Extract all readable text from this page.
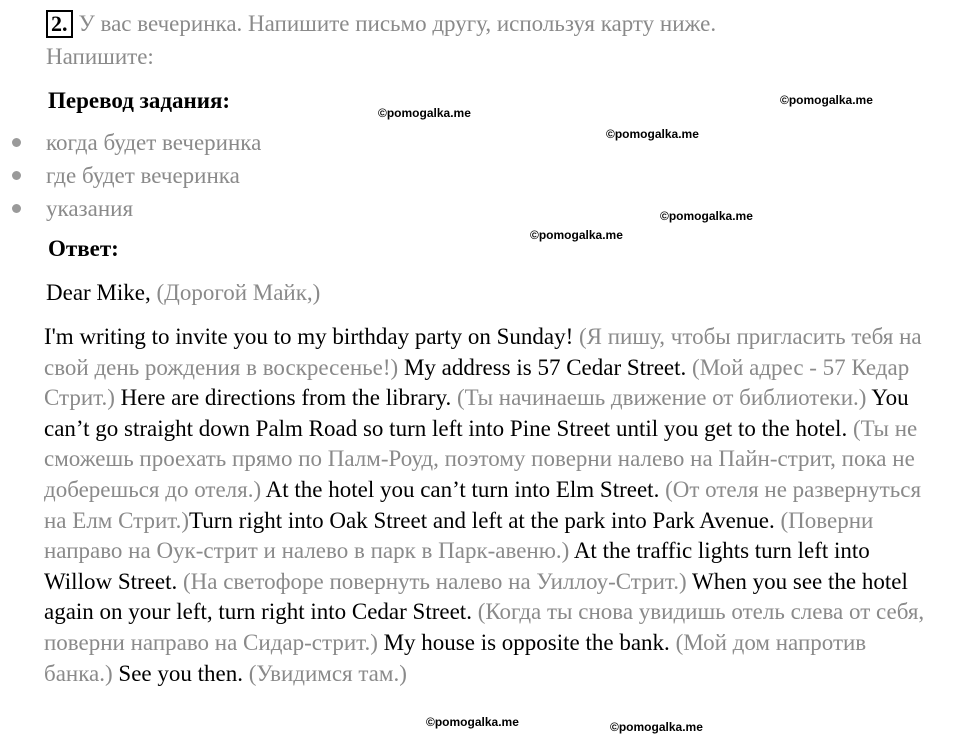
2. У вас вечеринка. Напишите письмо другу, используя карту ниже.
Напишите:
Перевод задания:
когда будет вечеринка
где будет вечеринка
указания
Ответ:
Dear Mike, (Дорогой Майк,)
I'm writing to invite you to my birthday party on Sunday! (Я пишу, чтобы пригласить тебя на свой день рождения в воскресенье!) My address is 57 Cedar Street. (Мой адрес - 57 Кедар Стрит.) Here are directions from the library. (Ты начинаешь движение от библиотеки.) You can’t go straight down Palm Road so turn left into Pine Street until you get to the hotel. (Ты не сможешь проехать прямо по Палм-Роуд, поэтому поверни налево на Пайн-стрит, пока не доберешься до отеля.) At the hotel you can’t turn into Elm Street. (От отеля не развернуться на Елм Стрит.)Turn right into Oak Street and left at the park into Park Avenue. (Поверни направо на Оук-стрит и налево в парк в Парк-авеню.) At the traffic lights turn left into Willow Street. (На светофоре повернуть налево на Уиллоу-Стрит.) When you see the hotel again on your left, turn right into Cedar Street. (Когда ты снова увидишь отель слева от себя, поверни направо на Сидар-стрит.) My house is opposite the bank. (Мой дом напротив банка.) See you then. (Увидимся там.)
©pomogalka.me
©pomogalka.me
©pomogalka.me
©pomogalka.me
©pomogalka.me
©pomogalka.me	©pomogalka.me
